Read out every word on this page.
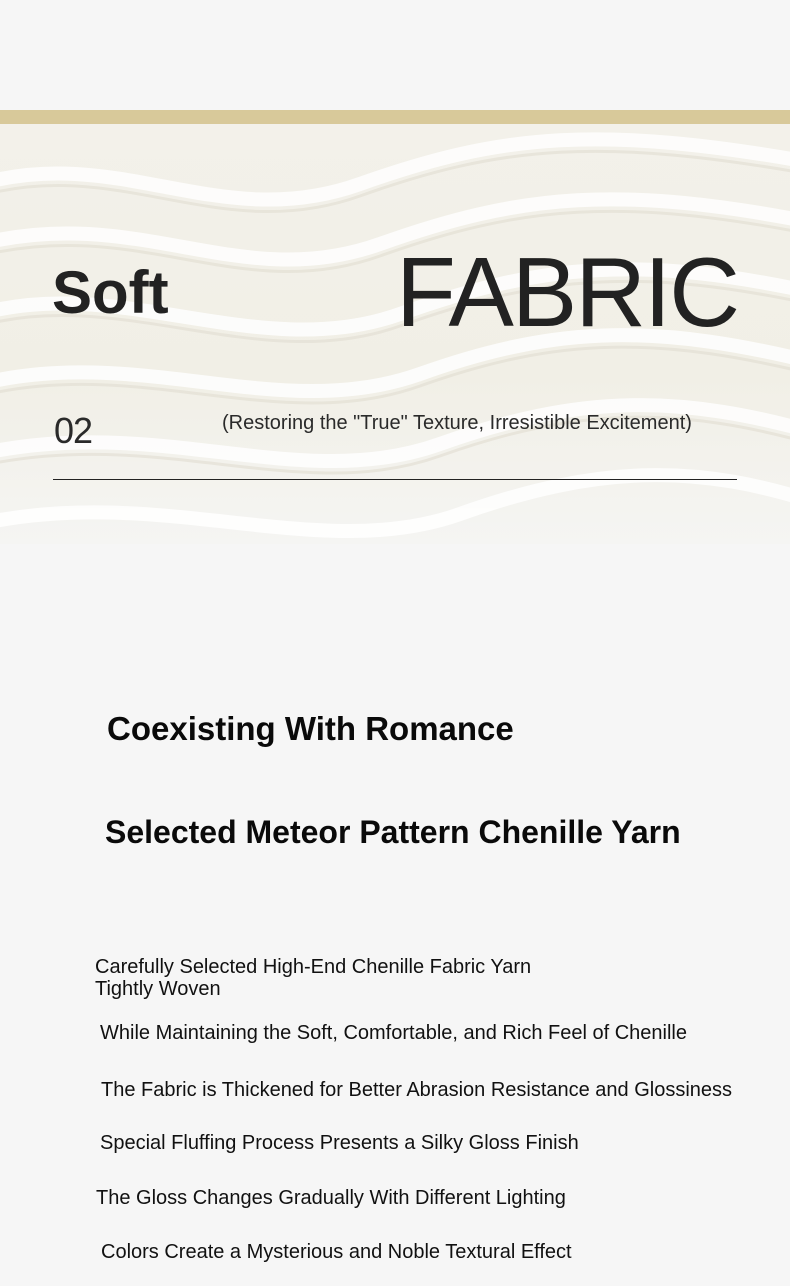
Soft FABRIC
02	(Restoring the "True" Texture, Irresistible Excitement)
Coexisting With Romance
Selected Meteor Pattern Chenille Yarn
Carefully Selected High-End Chenille Fabric Yarn
Tightly Woven
While Maintaining the Soft, Comfortable, and Rich Feel of Chenille
The Fabric is Thickened for Better Abrasion Resistance and Glossiness
Special Fluffing Process Presents a Silky Gloss Finish
The Gloss Changes Gradually With Different Lighting
Colors Create a Mysterious and Noble Textural Effect
